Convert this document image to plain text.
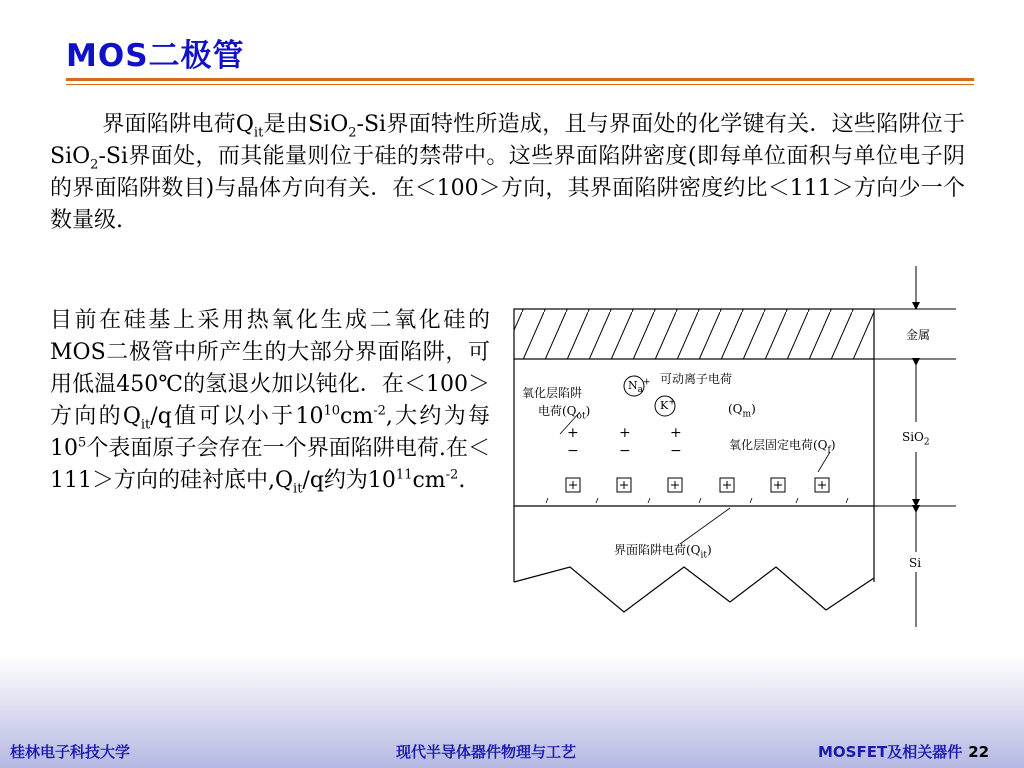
MOS二极管
界面陷阱电荷$Q_{it}$是由SiO$_2$-Si界面特性所造成，且与界面处的化学键有关．这些陷阱位于SiO$_2$-Si界面处，而其能量则位于硅的禁带中。这些界面陷阱密度(即每单位面积与单位电子阴的界面陷阱数目)与晶体方向有关．在＜100＞方向，其界面陷阱密度约比＜111＞方向少一个数量级.
目前在硅基上采用热氧化生成二氧化硅的MOS二极管中所产生的大部分界面陷阱，可用低温450℃的氢退火加以钝化．在＜100＞方向的$Q_{it}/q$值可以小于$10^{10}cm^{-2}$,大约为每$10^5$个表面原子会存在一个界面陷阱电荷.在＜111＞方向的硅衬底中$,Q_{it}/q$约为$10^{11}cm^{-2}$.
金属
SiO$_2$
Si
$N_a^+$
K+
可动离子电荷
$(Q_m)$
氧化层陷阱
电荷$(Q_{ot})$
氧化层固定电荷$(Q_f)$
界面陷阱电荷$(Q_{it})$
+	+	+
−	−	−
桂林电子科技大学	现代半导体器件物理与工艺	MOSFET及相关器件 22
